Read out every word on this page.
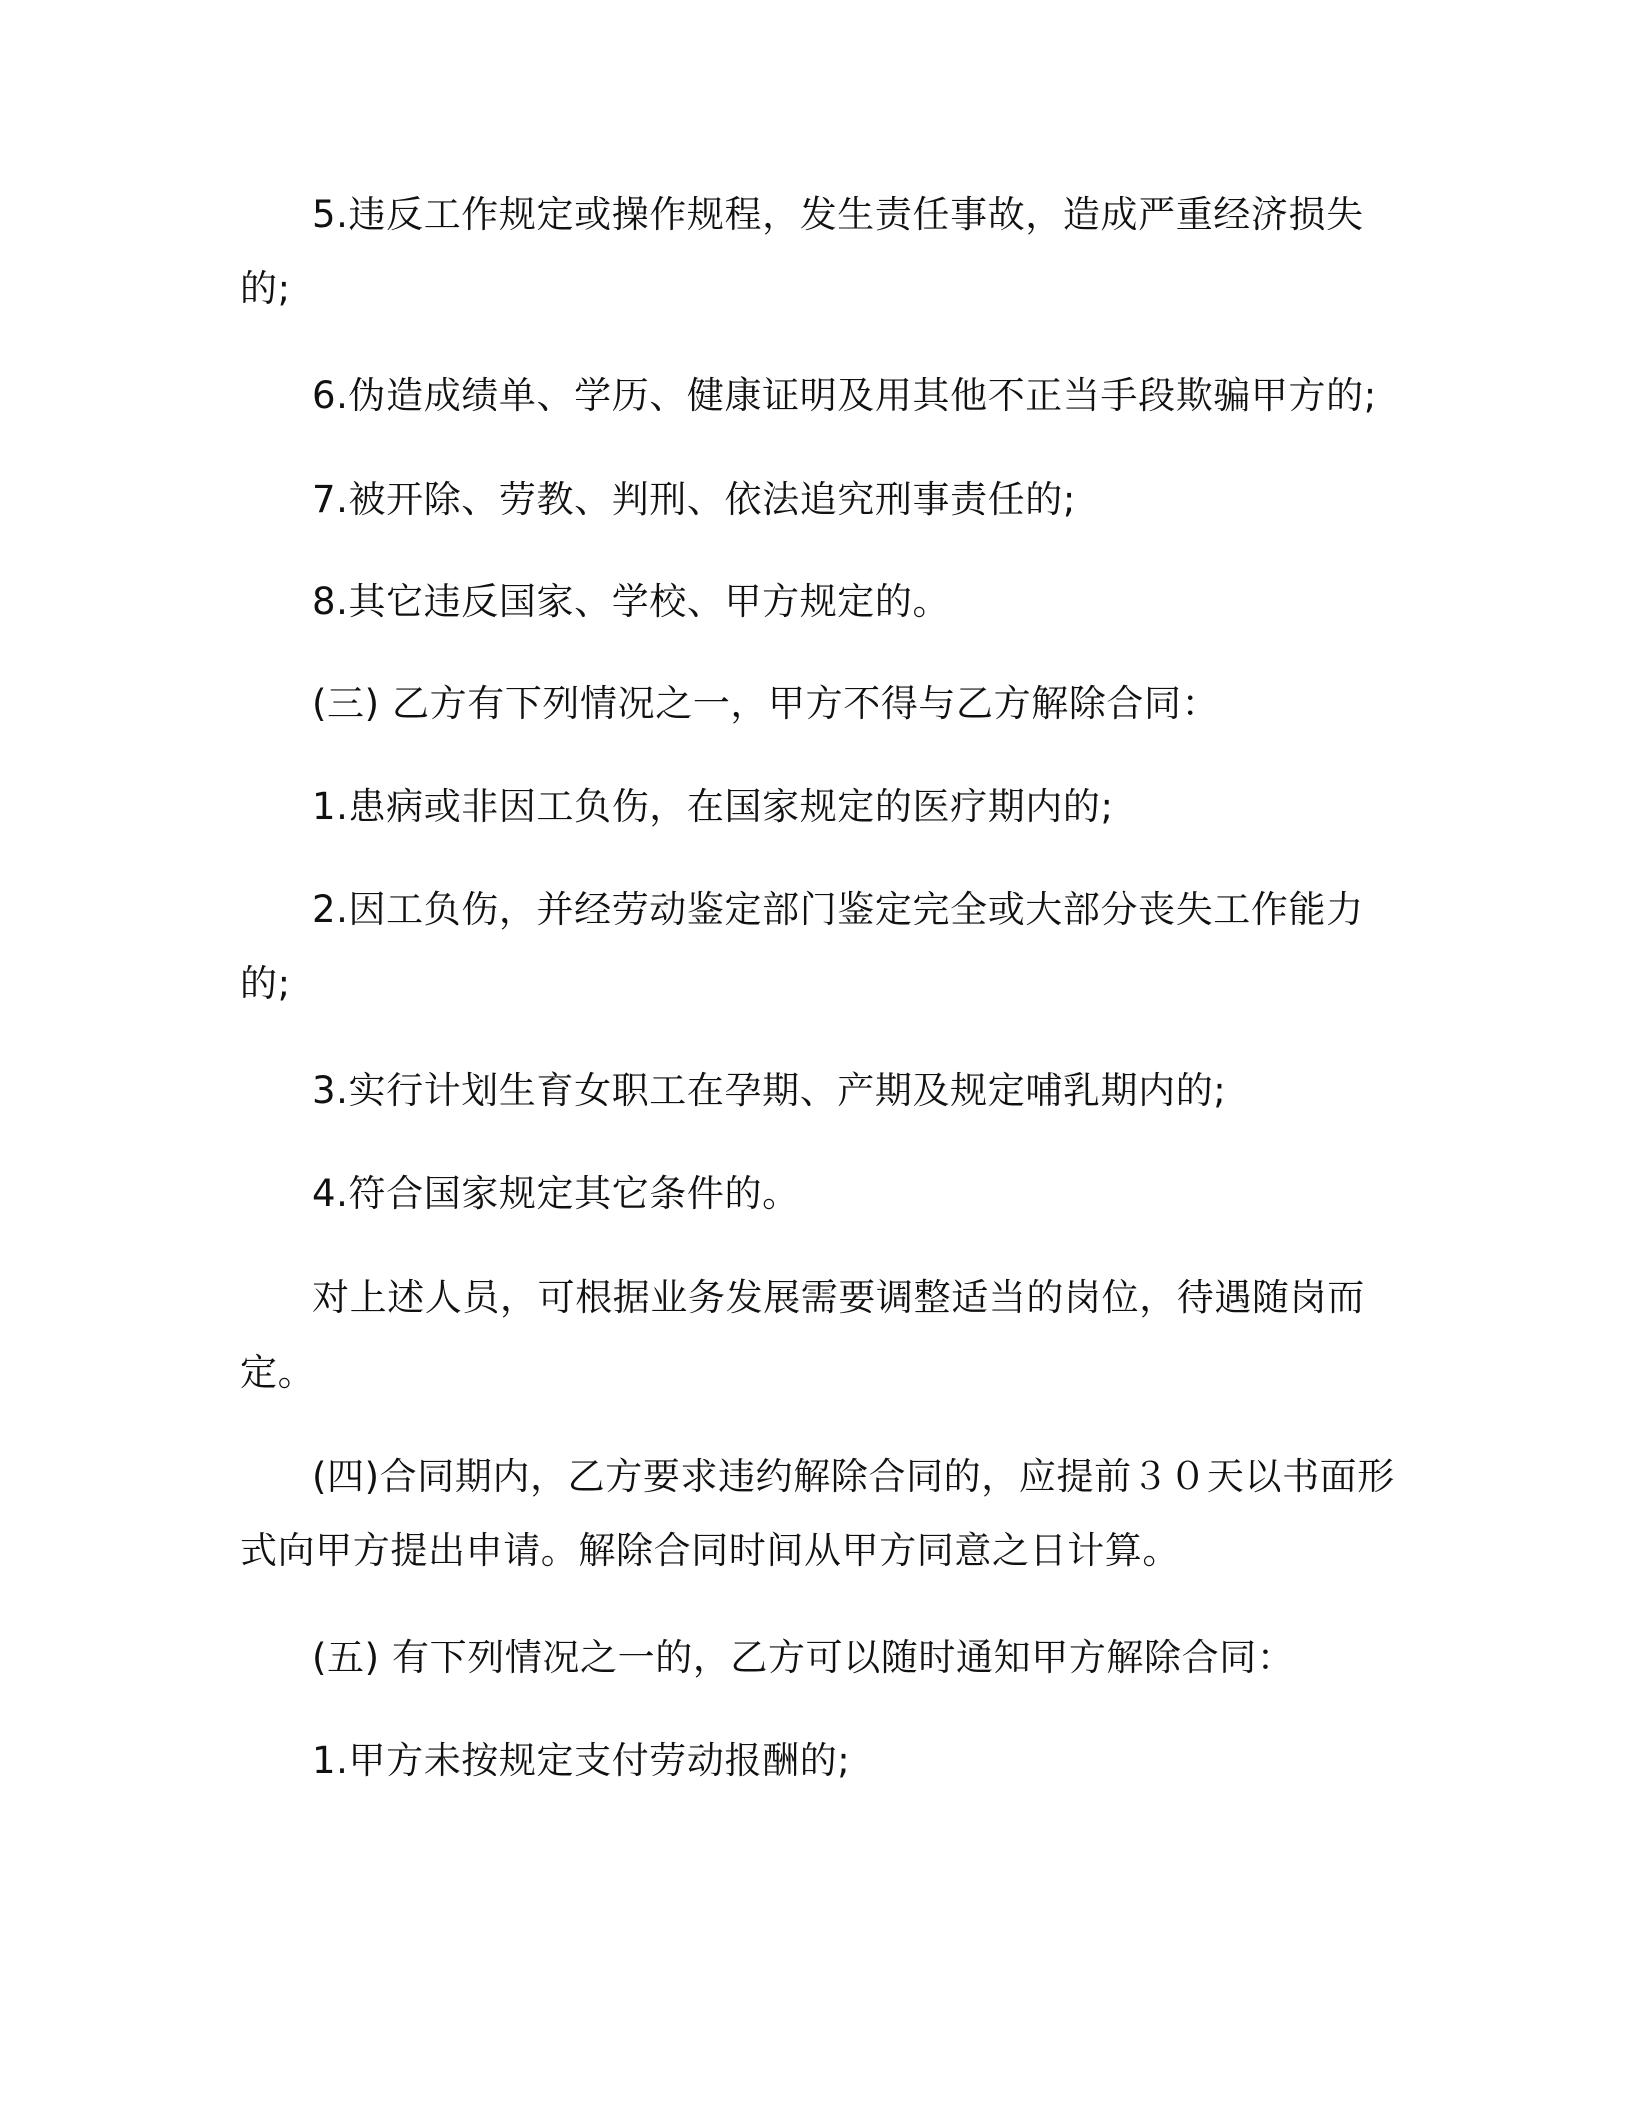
5.违反工作规定或操作规程，发生责任事故，造成严重经济损失
的;
6.伪造成绩单、学历、健康证明及用其他不正当手段欺骗甲方的;
7.被开除、劳教、判刑、依法追究刑事责任的;
8.其它违反国家、学校、甲方规定的。
(三) 乙方有下列情况之一，甲方不得与乙方解除合同：
1.患病或非因工负伤，在国家规定的医疗期内的;
2.因工负伤，并经劳动鉴定部门鉴定完全或大部分丧失工作能力
的;
3.实行计划生育女职工在孕期、产期及规定哺乳期内的;
4.符合国家规定其它条件的。
对上述人员，可根据业务发展需要调整适当的岗位，待遇随岗而
定。
(四)合同期内，乙方要求违约解除合同的，应提前３０天以书面形
式向甲方提出申请。解除合同时间从甲方同意之日计算。
(五) 有下列情况之一的，乙方可以随时通知甲方解除合同：
1.甲方未按规定支付劳动报酬的;
